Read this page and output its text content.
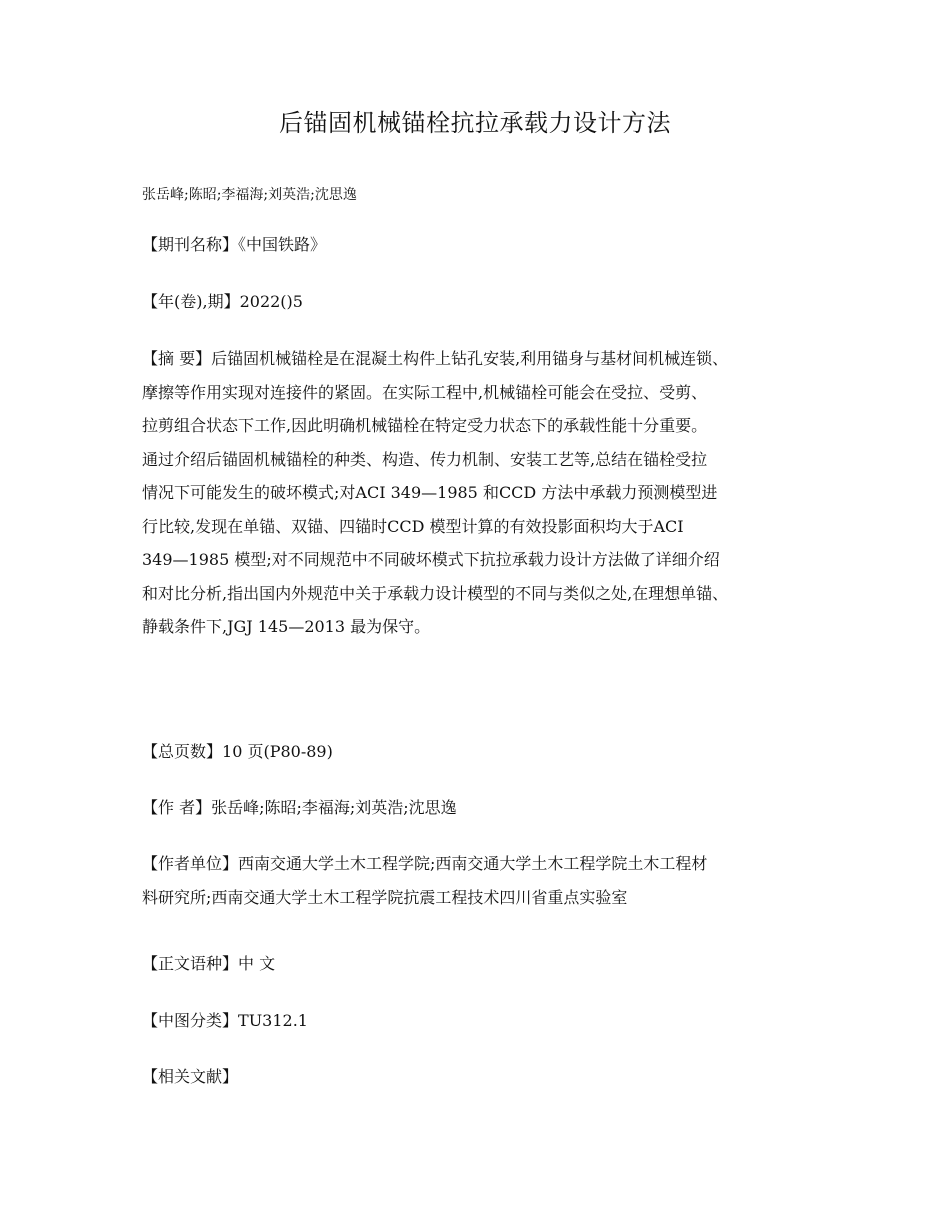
后锚固机械锚栓抗拉承载力设计方法

张岳峰;陈昭;李福海;刘英浩;沈思逸

【期刊名称】《中国铁路》

【年(卷),期】2022()5

【摘 要】后锚固机械锚栓是在混凝土构件上钻孔安装,利用锚身与基材间机械连锁、
摩擦等作用实现对连接件的紧固。在实际工程中,机械锚栓可能会在受拉、受剪、
拉剪组合状态下工作,因此明确机械锚栓在特定受力状态下的承载性能十分重要。
通过介绍后锚固机械锚栓的种类、构造、传力机制、安装工艺等,总结在锚栓受拉
情况下可能发生的破坏模式;对ACI 349—1985 和CCD 方法中承载力预测模型进
行比较,发现在单锚、双锚、四锚时CCD 模型计算的有效投影面积均大于ACI
349—1985 模型;对不同规范中不同破坏模式下抗拉承载力设计方法做了详细介绍
和对比分析,指出国内外规范中关于承载力设计模型的不同与类似之处,在理想单锚、
静载条件下,JGJ 145—2013 最为保守。

【总页数】10 页(P80-89)

【作 者】张岳峰;陈昭;李福海;刘英浩;沈思逸

【作者单位】西南交通大学土木工程学院;西南交通大学土木工程学院土木工程材
料研究所;西南交通大学土木工程学院抗震工程技术四川省重点实验室

【正文语种】中 文

【中图分类】TU312.1

【相关文献】
